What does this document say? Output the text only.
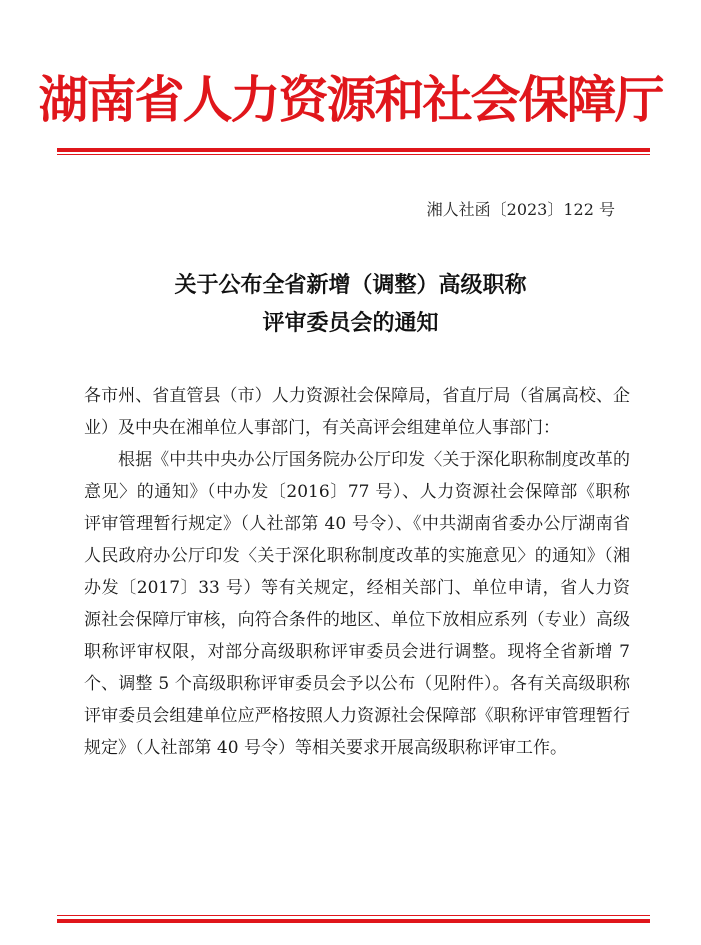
湖南省人力资源和社会保障厅
湘人社函〔2023〕122 号
关于公布全省新增（调整）高级职称
评审委员会的通知

各市州、省直管县（市）人力资源社会保障局，省直厅局（省属高校、企业）及中央在湘单位人事部门，有关高评会组建单位人事部门：

根据《中共中央办公厅国务院办公厅印发〈关于深化职称制度改革的意见〉的通知》（中办发〔2016〕77 号）、人力资源社会保障部《职称评审管理暂行规定》（人社部第 40 号令）、《中共湖南省委办公厅湖南省人民政府办公厅印发〈关于深化职称制度改革的实施意见〉的通知》（湘办发〔2017〕33 号）等有关规定，经相关部门、单位申请，省人力资源社会保障厅审核，向符合条件的地区、单位下放相应系列（专业）高级职称评审权限，对部分高级职称评审委员会进行调整。现将全省新增 7 个、调整 5 个高级职称评审委员会予以公布（见附件）。各有关高级职称评审委员会组建单位应严格按照人力资源社会保障部《职称评审管理暂行规定》（人社部第 40 号令）等相关要求开展高级职称评审工作。
